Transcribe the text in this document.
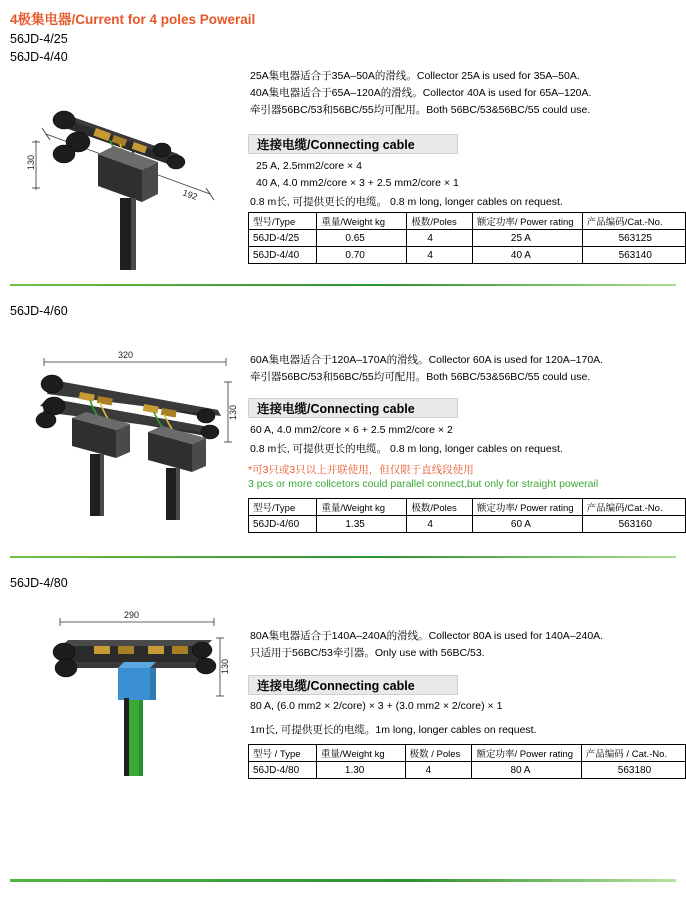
4极集电器/Current for 4 poles Powerail
56JD-4/25
56JD-4/40
192
130
25A集电器适合于35A–50A的滑线。Collector 25A is used for 35A–50A.
40A集电器适合于65A–120A的滑线。Collector 40A is used for 65A–120A.
牵引器56BC/53和56BC/55均可配用。Both 56BC/53&56BC/55 could use.
连接电缆/Connecting cable
25 A, 2.5mm2/core × 4
40 A, 4.0 mm2/core × 3 + 2.5 mm2/core × 1
0.8 m长, 可提供更长的电缆。 0.8 m long, longer cables on request.
型号/Type	重量/Weight kg	极数/Poles	额定功率/ Power rating	产品编码/Cat.-No.
56JD-4/25	0.65	4	25 A	563125
56JD-4/40	0.70	4	40 A	563140
56JD-4/60
320
130
60A集电器适合于120A–170A的滑线。Collector 60A is used for 120A–170A.
牵引器56BC/53和56BC/55均可配用。Both 56BC/53&56BC/55 could use.
连接电缆/Connecting cable
60 A, 4.0 mm2/core × 6 + 2.5 mm2/core × 2
0.8 m长, 可提供更长的电缆。 0.8 m long, longer cables on request.
*可3只或3只以上并联使用，但仅限于直线段使用
3 pcs or more collcetors could parallel connect,but only for straight powerail
型号/Type	重量/Weight kg	极数/Poles	额定功率/ Power rating	产品编码/Cat.-No.
56JD-4/60	1.35	4	60 A	563160
56JD-4/80
290
130
80A集电器适合于140A–240A的滑线。Collector 80A is used for 140A–240A.
只适用于56BC/53牵引器。Only use with 56BC/53.
连接电缆/Connecting cable
80 A, (6.0 mm2 × 2/core) × 3 + (3.0 mm2 × 2/core) × 1
1m长, 可提供更长的电缆。1m long, longer cables on request.
型号 / Type	重量/Weight kg	极数 / Poles	额定功率/ Power rating	产品编码 / Cat.-No.
56JD-4/80	1.30	4	80 A	563180
